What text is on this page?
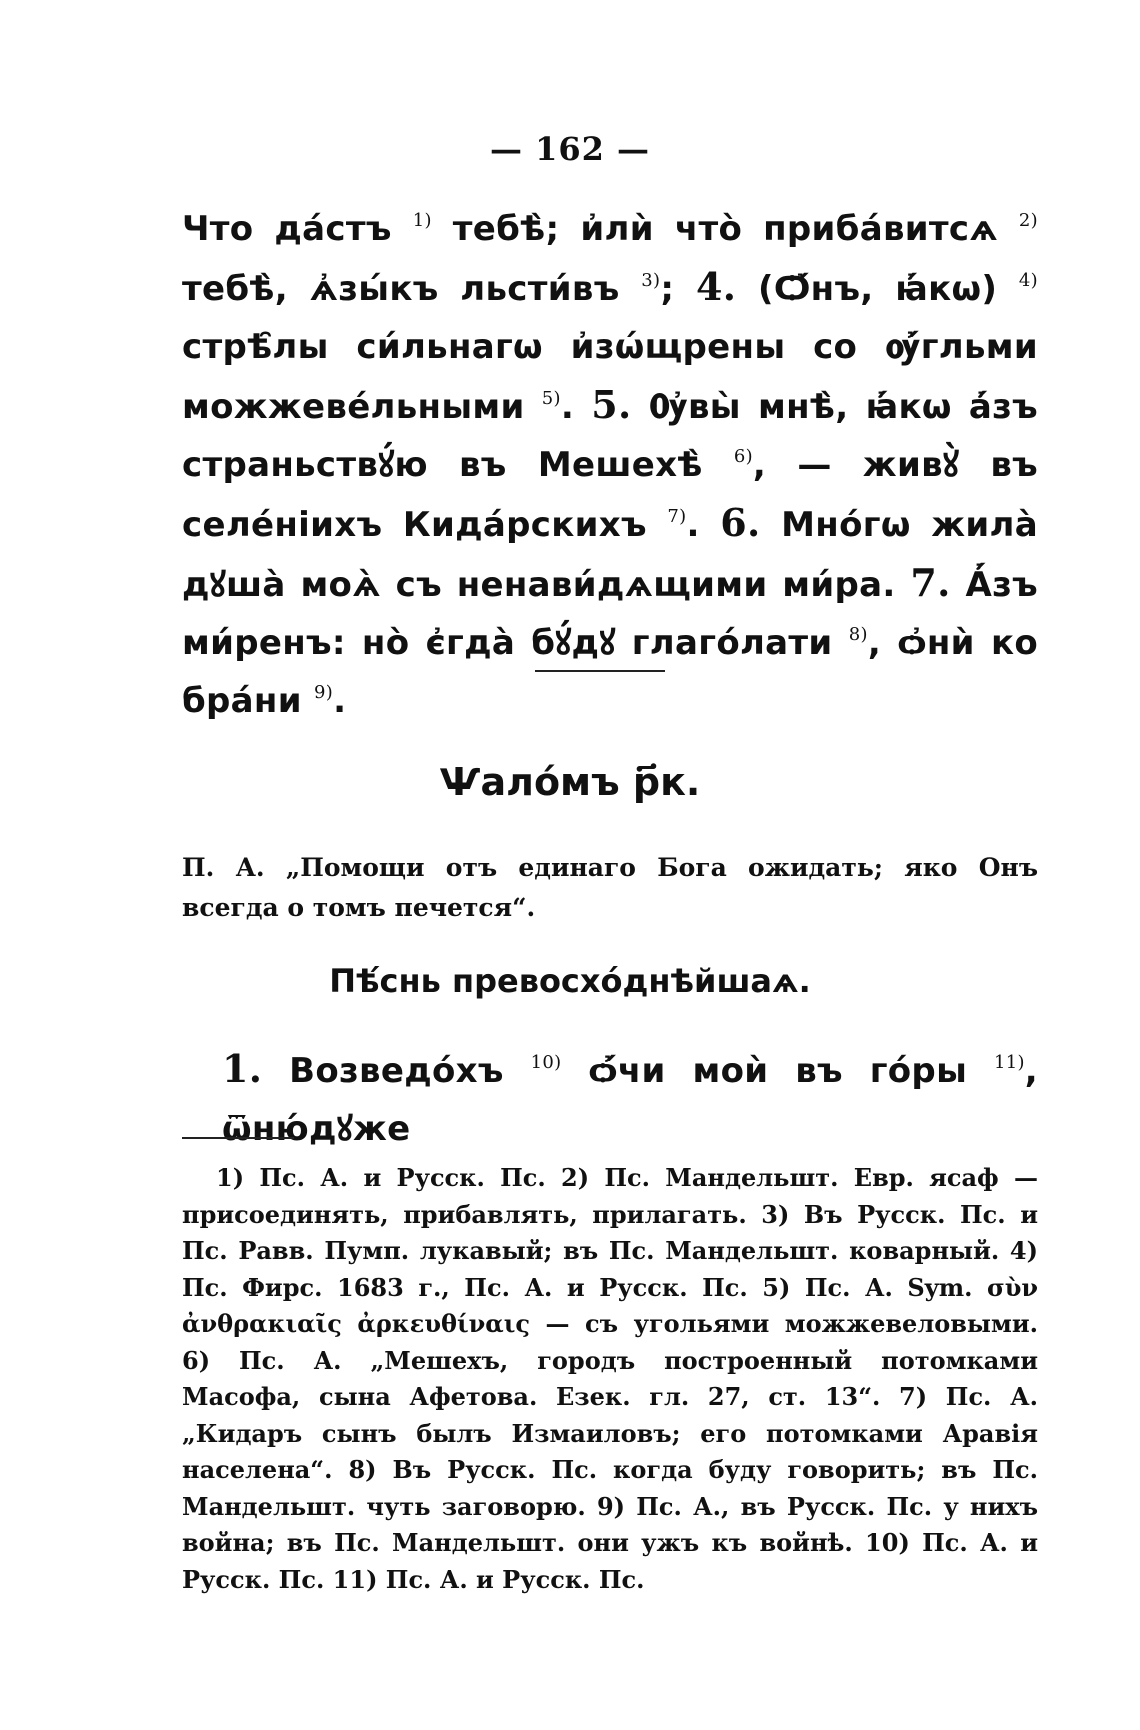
— 162 —
Что да́стъ $^{1)}$ тебѣ̀; и҆лѝ что̀ приба́витсѧ $^{2)}$ тебѣ̀, ѧ҆зы́къ льсти́въ $^{3)}$; 4. (Ѻ҆́нъ, ꙗ҆́кѡ) $^{4)}$ стрѣ̑лы си́льнагѡ и҆зѡ́щрены со ѹ҆́гльми можжеве́льными $^{5)}$. 5. Ѹ҆вы̀ мнѣ̀, ꙗ҆́кѡ а҆́зъ страньствꙋ́ю въ Мешехѣ̀ $^{6)}$, — живꙋ̀ въ селе́ніихъ Кида́рскихъ $^{7)}$. 6. Мно́гѡ жила̀ дꙋша̀ моѧ̀ съ ненави́дѧщими ми́ра. 7. А҆́зъ ми́ренъ: но̀ є҆гда̀ бꙋ́дꙋ глаго́лати $^{8)}$, ѻ҆нѝ ко бра́ни $^{9)}$.
Ѱало́мъ р҃к.
П. А. „Помощи отъ единаго Бога ожидать; яко Онъ всегда о томъ печется“.
Пѣ́снь превосхо́днѣйшаѧ.
1. Возведо́хъ $^{10)}$ ѻ҆́чи моѝ въ го́ры $^{11)}$, ѿню́дꙋже
1) Пс. А. и Русск. Пс. 2) Пс. Мандельшт. Евр. ясаф — присоединять, прибавлять, прилагать. 3) Въ Русск. Пс. и Пс. Равв. Пумп. лукавый; въ Пс. Мандельшт. коварный. 4) Пс. Фирс. 1683 г., Пс. А. и Русск. Пс. 5) Пс. А. Sym. σὺν ἀνθρακιαῖς ἀρκευθίναις — съ угольями можжевеловыми. 6) Пс. А. „Мешехъ, городъ построенный потомками Масофа, сына Афетова. Езек. гл. 27, ст. 13“. 7) Пс. А. „Кидаръ сынъ былъ Измаиловъ; его потомками Аравія населена“. 8) Въ Русск. Пс. когда буду говорить; въ Пс. Мандельшт. чуть заговорю. 9) Пс. А., въ Русск. Пс. у нихъ война; въ Пс. Мандельшт. они ужъ къ войнѣ. 10) Пс. А. и Русск. Пс. 11) Пс. А. и Русск. Пс.
